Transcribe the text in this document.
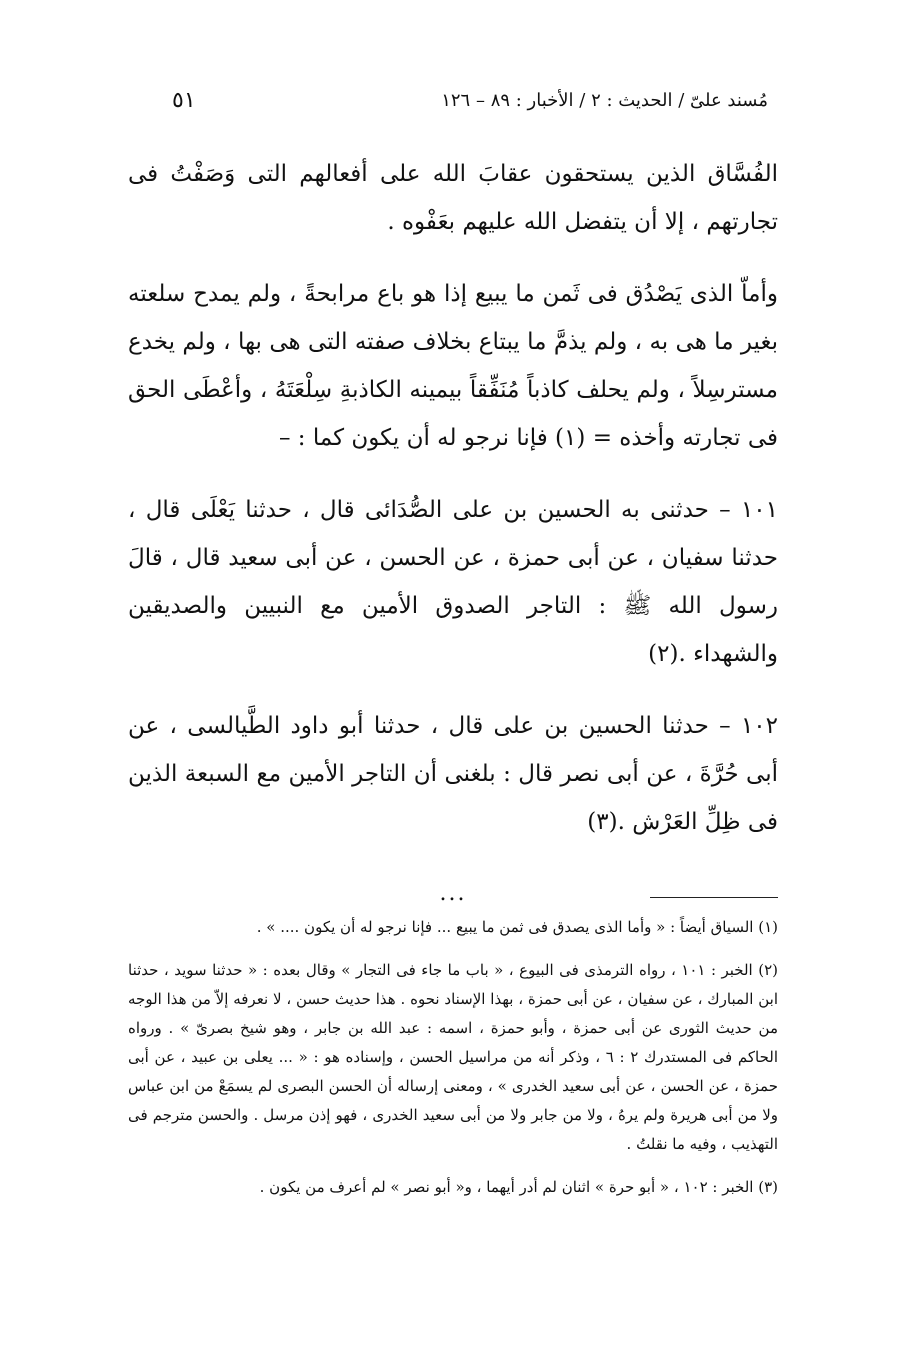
٥١	مُسند علىّ / الحديث : ٢ / الأخبار : ٨٩ – ١٢٦

الفُسَّاق الذين يستحقون عقابَ الله على أفعالهم التى وَصَفْتُ فى تجارتهم ، إلا أن يتفضل الله عليهم بعَفْوه .

وأماّ الذى يَصْدُق فى ثَمن ما يبيع إذا هو باع مرابحةً ، ولم يمدح سلعته بغير ما هى به ، ولم يذمَّ ما يبتاع بخلاف صفته التى هى بها ، ولم يخدع مسترسِلاً ، ولم يحلف كاذباً مُنَفِّقاً بيمينه الكاذبةِ سِلْعَتَهُ ، وأعْطَى الحق فى تجارته وأخذه = (١) فإنا نرجو له أن يكون كما : –

١٠١ – حدثنى به الحسين بن على الصُّدَائى قال ، حدثنا يَعْلَى قال ، حدثنا سفيان ، عن أبى حمزة ، عن الحسن ، عن أبى سعيد قال ، قالَ رسول الله ﷺ : التاجر الصدوق الأمين مع النبيين والصديقين والشهداء .(٢)

١٠٢ – حدثنا الحسين بن على قال ، حدثنا أبو داود الطَّيالسى ، عن أبى حُرَّةَ ، عن أبى نصر قال : بلغنى أن التاجر الأمين مع السبعة الذين فى ظِلِّ العَرْش .(٣)

...

(١) السياق أيضاً : « وأما الذى يصدق فى ثمن ما يبيع ... فإنا نرجو له أن يكون .... » .

(٢) الخبر : ١٠١ ، رواه الترمذى فى البيوع ، « باب ما جاء فى التجار » وقال بعده : « حدثنا سويد ، حدثنا ابن المبارك ، عن سفيان ، عن أبى حمزة ، بهذا الإسناد نحوه . هذا حديث حسن ، لا نعرفه إلاّ من هذا الوجه من حديث الثورى عن أبى حمزة ، وأبو حمزة ، اسمه : عبد الله بن جابر ، وهو شيخ بصرىّ » . ورواه الحاكم فى المستدرك ٢ : ٦ ، وذكر أنه من مراسيل الحسن ، وإسناده هو : « ... يعلى بن عبيد ، عن أبى حمزة ، عن الحسن ، عن أبى سعيد الخدرى » ، ومعنى إرساله أن الحسن البصرى لم يسمَعْ من ابن عباس ولا من أبى هريرة ولم يرهُ ، ولا من جابر ولا من أبى سعيد الخدرى ، فهو إذن مرسل . والحسن مترجم فى التهذيب ، وفيه ما نقلتُ .

(٣) الخبر : ١٠٢ ، « أبو حرة » اثنان لم أدر أيهما ، و« أبو نصر » لم أعرف من يكون .
